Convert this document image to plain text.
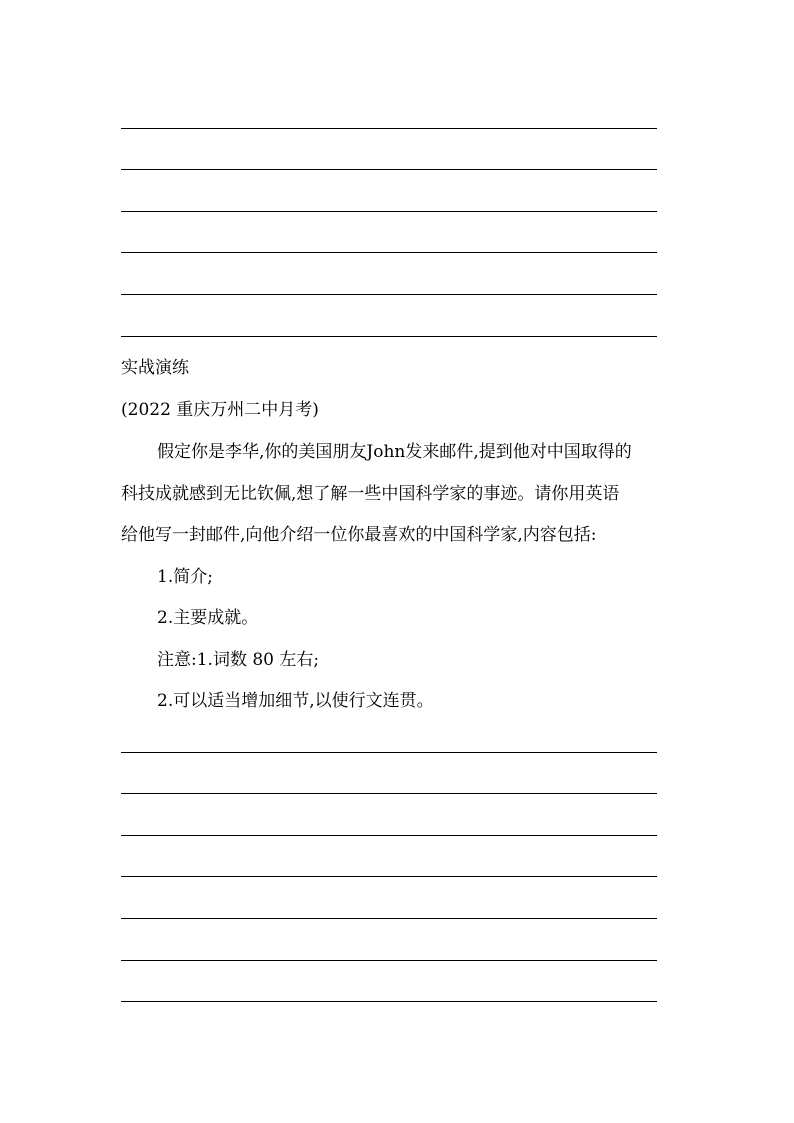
实战演练
(2022 重庆万州二中月考)
假定你是李华,你的美国朋友John发来邮件,提到他对中国取得的
科技成就感到无比钦佩,想了解一些中国科学家的事迹。请你用英语
给他写一封邮件,向他介绍一位你最喜欢的中国科学家,内容包括:
1.简介;
2.主要成就。
注意:1.词数 80 左右;
2.可以适当增加细节,以使行文连贯。
